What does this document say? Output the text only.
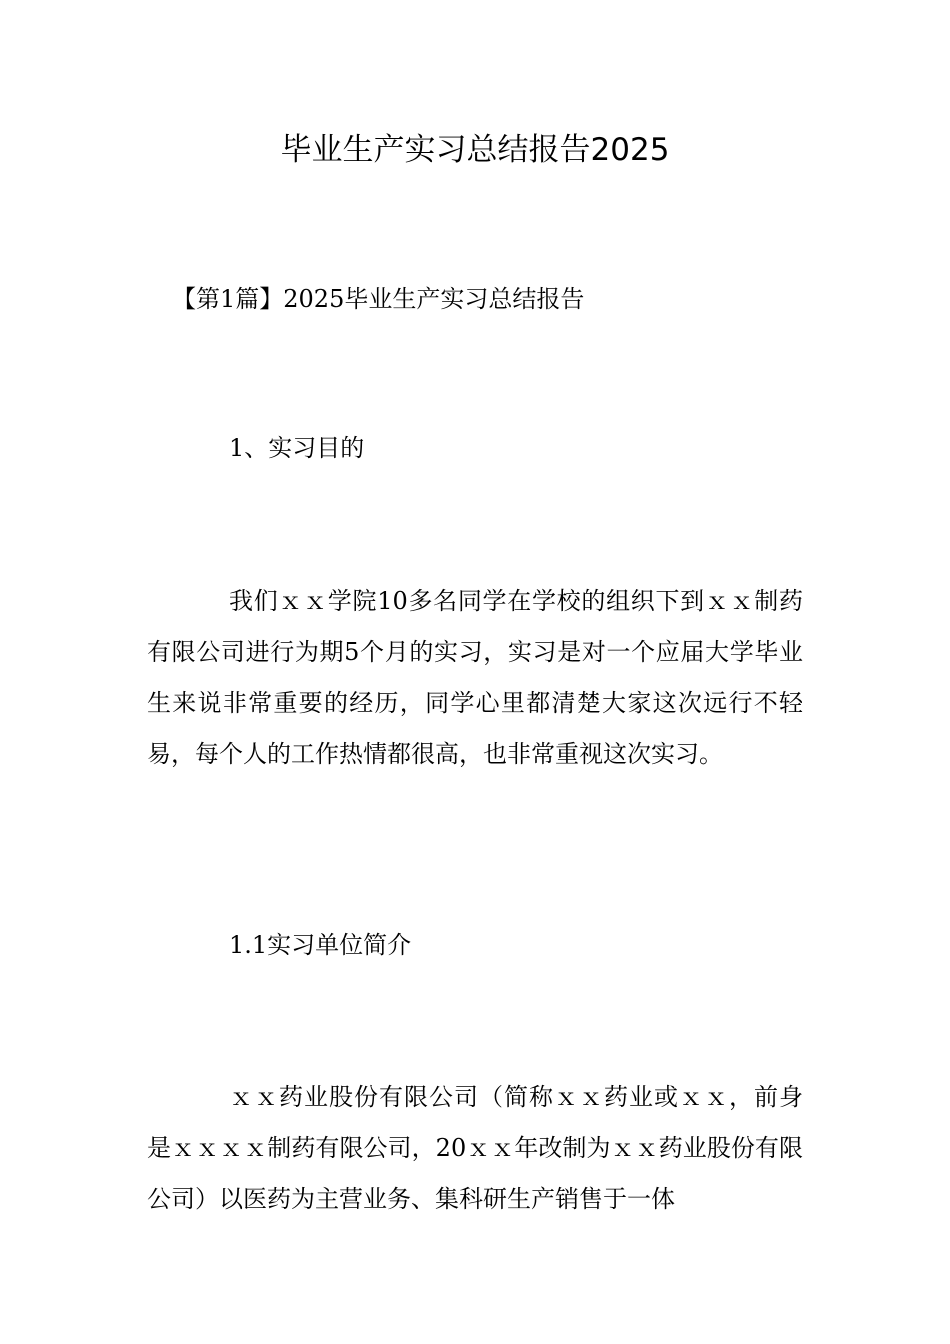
毕业生产实习总结报告2025

【第1篇】2025毕业生产实习总结报告

1、实习目的

我们ｘｘ学院10多名同学在学校的组织下到ｘｘ制药有限公司进行为期5个月的实习，实习是对一个应届大学毕业生来说非常重要的经历，同学心里都清楚大家这次远行不轻易，每个人的工作热情都很高，也非常重视这次实习。

1.1实习单位简介

ｘｘ药业股份有限公司（简称ｘｘ药业或ｘｘ，前身是ｘｘｘｘ制药有限公司，20ｘｘ年改制为ｘｘ药业股份有限公司）以医药为主营业务、集科研生产销售于一体
